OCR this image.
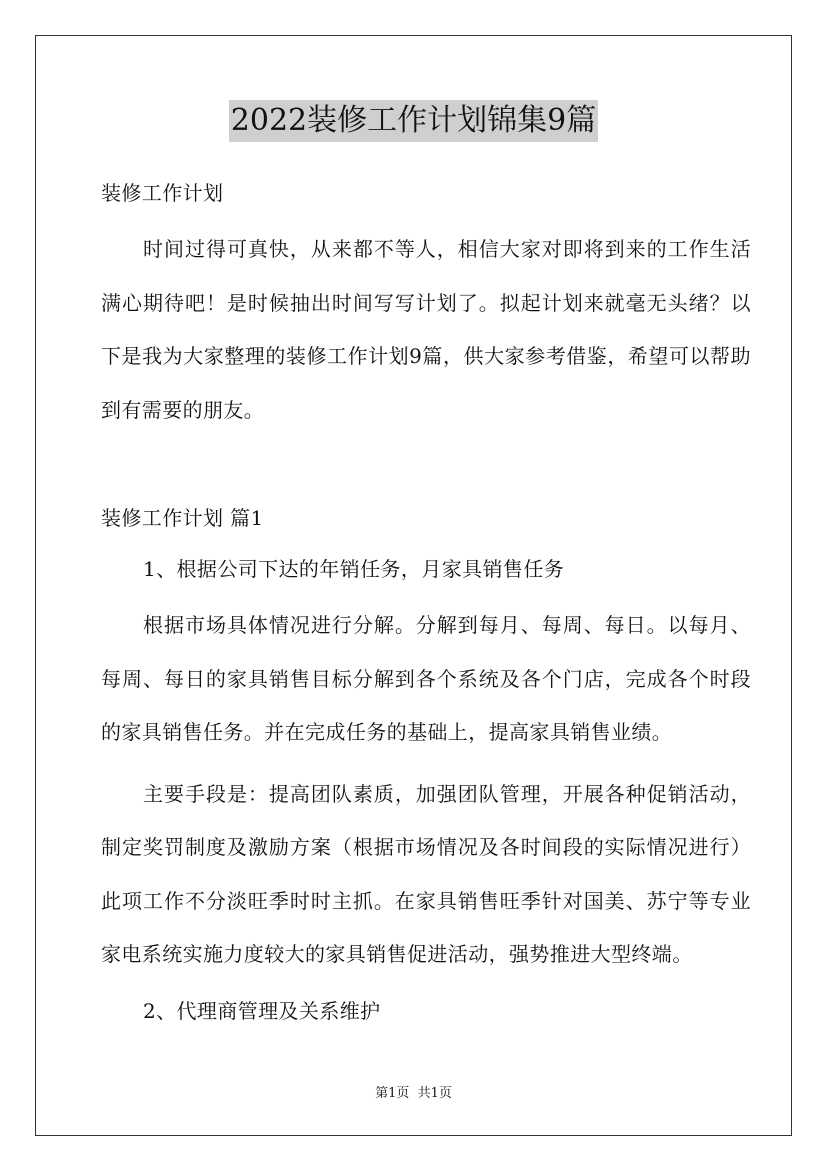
2022装修工作计划锦集9篇
装修工作计划

时间过得可真快，从来都不等人，相信大家对即将到来的工作生活满心期待吧！是时候抽出时间写写计划了。拟起计划来就毫无头绪？以下是我为大家整理的装修工作计划9篇，供大家参考借鉴，希望可以帮助到有需要的朋友。

装修工作计划 篇1
1、根据公司下达的年销任务，月家具销售任务

根据市场具体情况进行分解。分解到每月、每周、每日。以每月、每周、每日的家具销售目标分解到各个系统及各个门店，完成各个时段的家具销售任务。并在完成任务的基础上，提高家具销售业绩。

主要手段是：提高团队素质，加强团队管理，开展各种促销活动，制定奖罚制度及激励方案（根据市场情况及各时间段的实际情况进行）此项工作不分淡旺季时时主抓。在家具销售旺季针对国美、苏宁等专业家电系统实施力度较大的家具销售促进活动，强势推进大型终端。

2、代理商管理及关系维护
第1页  共1页
